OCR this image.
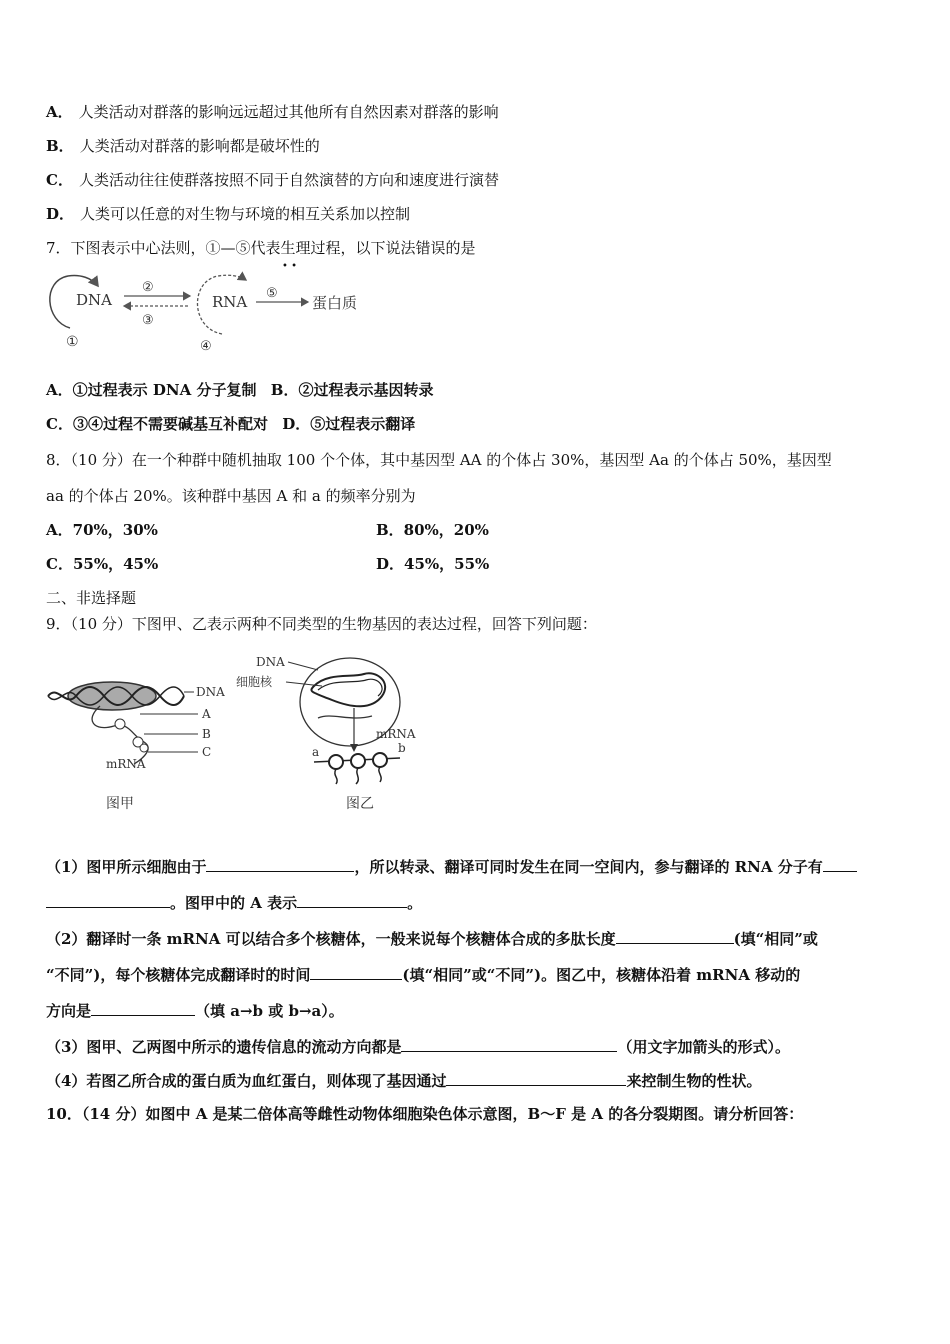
A． 人类活动对群落的影响远远超过其他所有自然因素对群落的影响
B． 人类活动对群落的影响都是破坏性的
C． 人类活动往往使群落按照不同于自然演替的方向和速度进行演替
D． 人类可以任意的对生物与环境的相互关系加以控制
7．下图表示中心法则，①—⑤代表生理过程，以下说法错误的是
• •
DNA
①
②
③
RNA
④
⑤
蛋白质
A．①过程表示 DNA 分子复制 B．②过程表示基因转录
C．③④过程不需要碱基互补配对 D．⑤过程表示翻译
8．（10 分）在一个种群中随机抽取 100 个个体，其中基因型 AA 的个体占 30%，基因型 Aa 的个体占 50%，基因型
aa 的个体占 20%。该种群中基因 A 和 a 的频率分别为
A．70%，30%	B．80%，20%
C．55%，45%	D．45%，55%
二、非选择题
9．（10 分）下图甲、乙表示两种不同类型的生物基因的表达过程，回答下列问题：
DNA
A
B
C
mRNA
图甲
DNA
细胞核
mRNA
a	b
图乙
（1）图甲所示细胞由于	，所以转录、翻译可同时发生在同一空间内，参与翻译的 RNA 分子有
。图甲中的 A 表示	。
（2）翻译时一条 mRNA 可以结合多个核糖体，一般来说每个核糖体合成的多肽长度	(填“相同”或
“不同”)，每个核糖体完成翻译时的时间	(填“相同”或“不同”)。图乙中，核糖体沿着 mRNA 移动的
方向是	（填 a→b 或 b→a）。
（3）图甲、乙两图中所示的遗传信息的流动方向都是	（用文字加箭头的形式）。
（4）若图乙所合成的蛋白质为血红蛋白，则体现了基因通过	来控制生物的性状。
10．（14 分）如图中 A 是某二倍体高等雌性动物体细胞染色体示意图，B～F 是 A 的各分裂期图。请分析回答：
